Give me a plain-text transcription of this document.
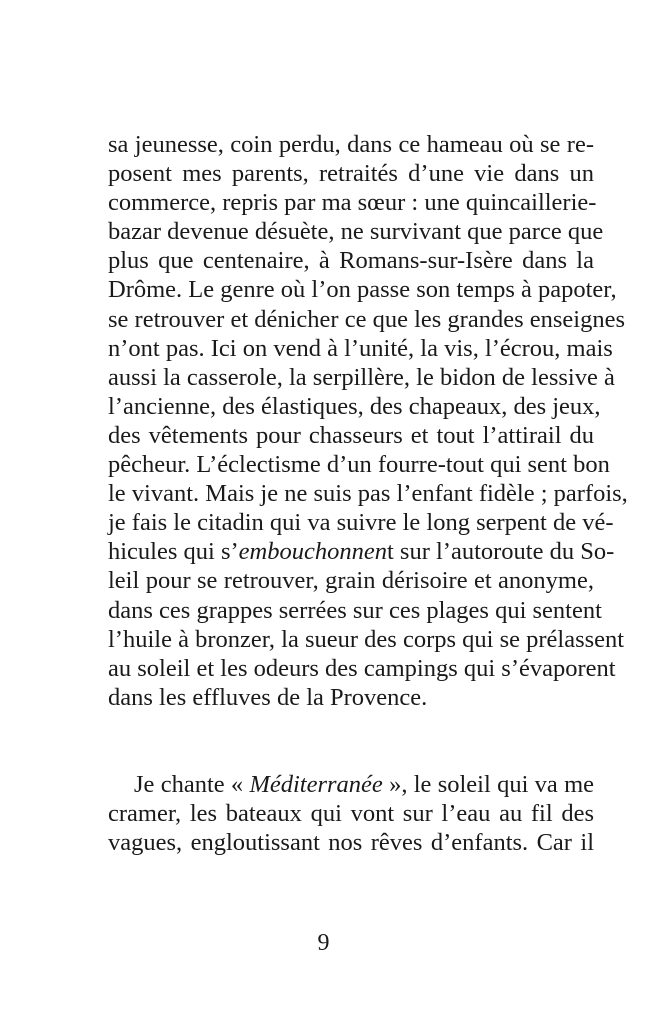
sa jeunesse, coin perdu, dans ce hameau où se re-
posent mes parents, retraités d’une vie dans un
commerce, repris par ma sœur : une quincaillerie-
bazar devenue désuète, ne survivant que parce que
plus que centenaire, à Romans-sur-Isère dans la
Drôme. Le genre où l’on passe son temps à papoter,
se retrouver et dénicher ce que les grandes enseignes
n’ont pas. Ici on vend à l’unité, la vis, l’écrou, mais
aussi la casserole, la serpillère, le bidon de lessive à
l’ancienne, des élastiques, des chapeaux, des jeux,
des vêtements pour chasseurs et tout l’attirail du
pêcheur. L’éclectisme d’un fourre-tout qui sent bon
le vivant. Mais je ne suis pas l’enfant fidèle ; parfois,
je fais le citadin qui va suivre le long serpent de vé-
hicules qui s’embouchonnent sur l’autoroute du So-
leil pour se retrouver, grain dérisoire et anonyme,
dans ces grappes serrées sur ces plages qui sentent
l’huile à bronzer, la sueur des corps qui se prélassent
au soleil et les odeurs des campings qui s’évaporent
dans les effluves de la Provence.
Je chante « Méditerranée », le soleil qui va me
cramer, les bateaux qui vont sur l’eau au fil des
vagues, engloutissant nos rêves d’enfants. Car il
9
